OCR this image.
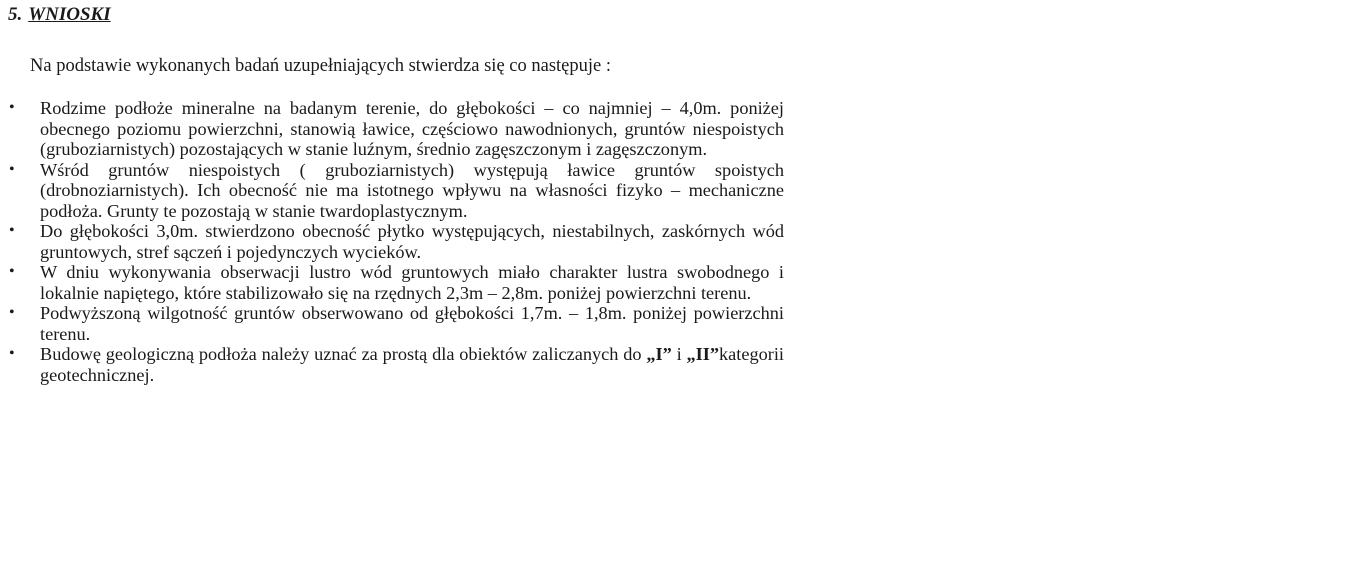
5. WNIOSKI
Na podstawie wykonanych badań uzupełniających stwierdza się co następuje :
• Rodzime podłoże mineralne na badanym terenie, do głębokości – co najmniej – 4,0m. poniżej obecnego poziomu powierzchni, stanowią ławice, częściowo nawodnionych, gruntów niespoistych (gruboziarnistych) pozostających w stanie luźnym, średnio zagęszczonym i zagęszczonym.
• Wśród gruntów niespoistych ( gruboziarnistych) występują ławice gruntów spoistych (drobnoziarnistych). Ich obecność nie ma istotnego wpływu na własności fizyko – mechaniczne podłoża. Grunty te pozostają w stanie twardoplastycznym.
• Do głębokości 3,0m. stwierdzono obecność płytko występujących, niestabilnych, zaskórnych wód gruntowych, stref sączeń i pojedynczych wycieków.
• W dniu wykonywania obserwacji lustro wód gruntowych miało charakter lustra swobodnego i lokalnie napiętego, które stabilizowało się na rzędnych 2,3m – 2,8m. poniżej powierzchni terenu.
• Podwyższoną wilgotność gruntów obserwowano od głębokości 1,7m. – 1,8m. poniżej powierzchni terenu.
• Budowę geologiczną podłoża należy uznać za prostą dla obiektów zaliczanych do „I” i „II”kategorii geotechnicznej.
